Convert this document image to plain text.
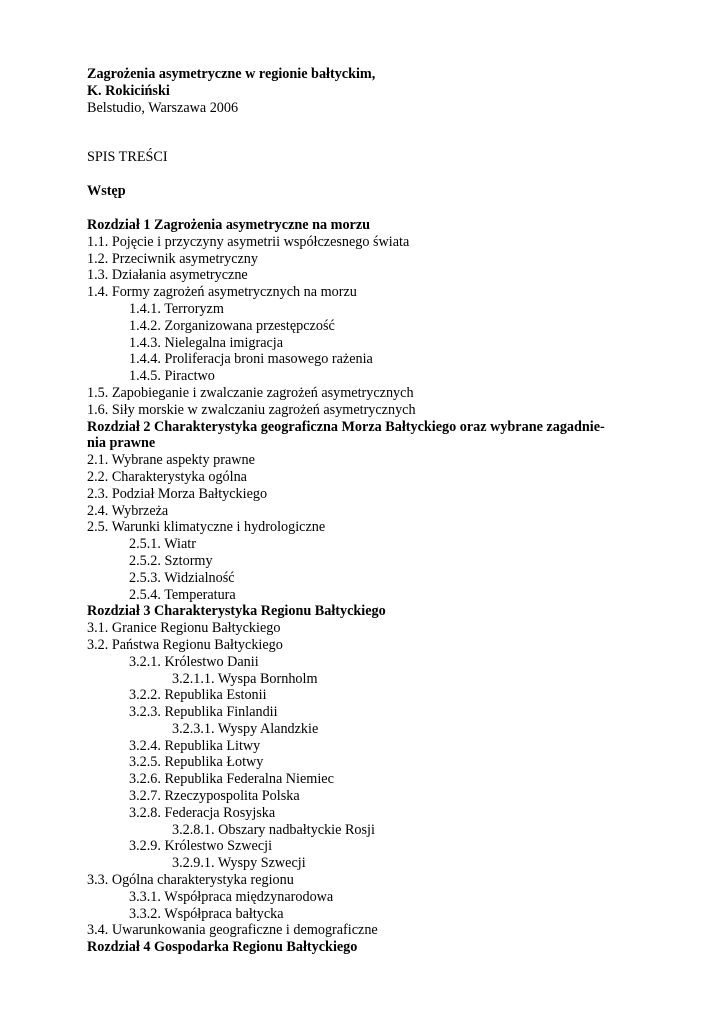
Zagrożenia asymetryczne w regionie bałtyckim,
K. Rokiciński
Belstudio, Warszawa 2006
SPIS TREŚCI
Wstęp
Rozdział 1 Zagrożenia asymetryczne na morzu
1.1. Pojęcie i przyczyny asymetrii współczesnego świata
1.2. Przeciwnik asymetryczny
1.3. Działania asymetryczne
1.4. Formy zagrożeń asymetrycznych na morzu
1.4.1. Terroryzm
1.4.2. Zorganizowana przestępczość
1.4.3. Nielegalna imigracja
1.4.4. Proliferacja broni masowego rażenia
1.4.5. Piractwo
1.5. Zapobieganie i zwalczanie zagrożeń asymetrycznych
1.6. Siły morskie w zwalczaniu zagrożeń asymetrycznych
Rozdział 2 Charakterystyka geograficzna Morza Bałtyckiego oraz wybrane zagadnie-
nia prawne
2.1. Wybrane aspekty prawne
2.2. Charakterystyka ogólna
2.3. Podział Morza Bałtyckiego
2.4. Wybrzeża
2.5. Warunki klimatyczne i hydrologiczne
2.5.1. Wiatr
2.5.2. Sztormy
2.5.3. Widzialność
2.5.4. Temperatura
Rozdział 3 Charakterystyka Regionu Bałtyckiego
3.1. Granice Regionu Bałtyckiego
3.2. Państwa Regionu Bałtyckiego
3.2.1. Królestwo Danii
3.2.1.1. Wyspa Bornholm
3.2.2. Republika Estonii
3.2.3. Republika Finlandii
3.2.3.1. Wyspy Alandzkie
3.2.4. Republika Litwy
3.2.5. Republika Łotwy
3.2.6. Republika Federalna Niemiec
3.2.7. Rzeczypospolita Polska
3.2.8. Federacja Rosyjska
3.2.8.1. Obszary nadbałtyckie Rosji
3.2.9. Królestwo Szwecji
3.2.9.1. Wyspy Szwecji
3.3. Ogólna charakterystyka regionu
3.3.1. Współpraca międzynarodowa
3.3.2. Współpraca bałtycka
3.4. Uwarunkowania geograficzne i demograficzne
Rozdział 4 Gospodarka Regionu Bałtyckiego
